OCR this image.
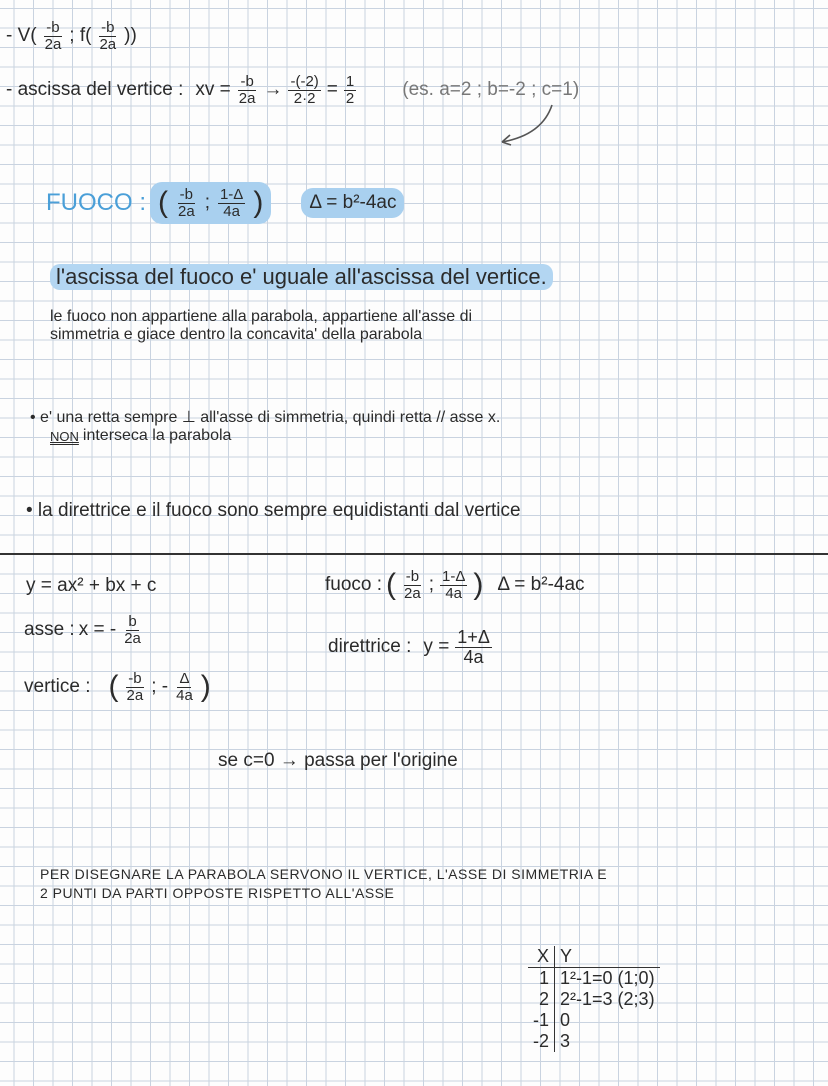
- $V( \frac{-b}{2a}$ ; $f( \frac{-b}{2a}$ ))
- ascissa del vertice : xv = $\frac{-b}{2a} \to \frac{-(-2)}{2\cdot 2} = \frac{1}{2} (es$. a=2 ; b=-2 ; c=1)
FUOCO : ( $\frac{-b}{2a}$ ; $\frac{1-\Delta}{4a}$ )	Δ = b²-4ac
l'ascissa del fuoco e' uguale all'ascissa del vertice.
le fuoco non appartiene alla parabola, appartiene all'asse di
simmetria e giace dentro la concavita' della parabola
• e' una retta sempre ⊥ all'asse di simmetria, quindi retta // asse x.
NON interseca la parabola
• la direttrice e il fuoco sono sempre equidistanti dal vertice
y = ax² + bx + c
asse : x = - $\frac{b}{2a}$
vertice : ( $\frac{-b}{2a}$ ; - $\frac{\Delta}{4a}$ )
fuoco : ( $\frac{-b}{2a}$ ; $\frac{1-\Delta}{4a}$ ) Δ = b²-4ac
direttrice : $y = \frac{1+\Delta}{4a}$
se c=0 → passa per l'origine
PER DISEGNARE LA PARABOLA SERVONO IL VERTICE, L'ASSE DI SIMMETRIA E
2 PUNTI DA PARTI OPPOSTE RISPETTO ALL'ASSE
X	Y
1	1²-1=0 (1;0)
2	2²-1=3 (2;3)
-1	0
-2	3
